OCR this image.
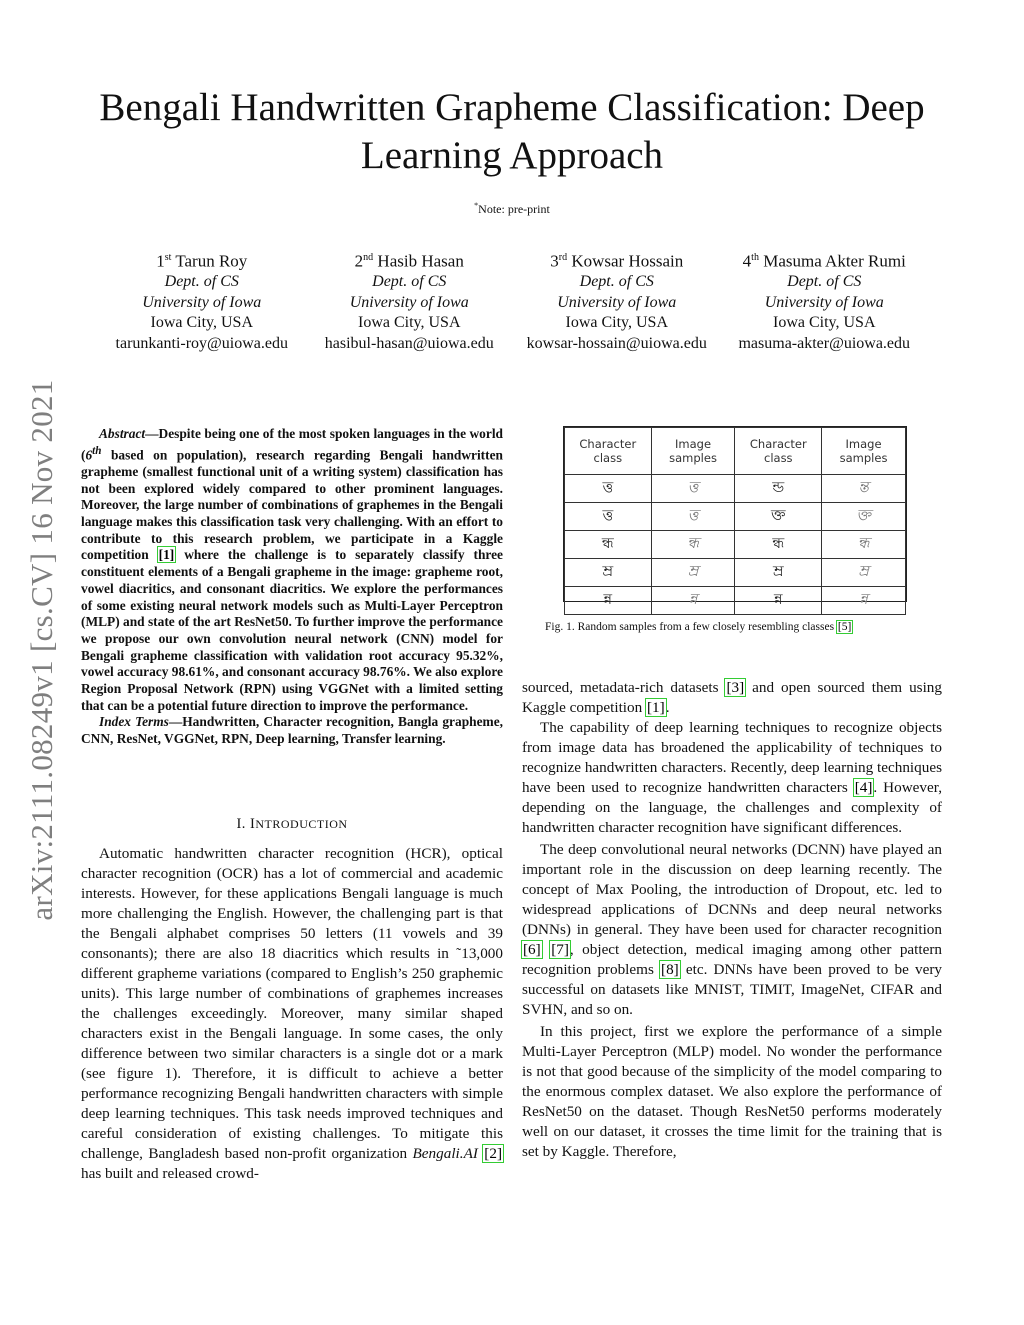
arXiv:2111.08249v1 [cs.CV] 16 Nov 2021
Bengali Handwritten Grapheme Classification: Deep
Learning Approach
*Note: pre-print
1st Tarun Roy
Dept. of CS
University of Iowa
Iowa City, USA
tarunkanti-roy@uiowa.edu
2nd Hasib Hasan
Dept. of CS
University of Iowa
Iowa City, USA
hasibul-hasan@uiowa.edu
3rd Kowsar Hossain
Dept. of CS
University of Iowa
Iowa City, USA
kowsar-hossain@uiowa.edu
4th Masuma Akter Rumi
Dept. of CS
University of Iowa
Iowa City, USA
masuma-akter@uiowa.edu

Abstract—Despite being one of the most spoken languages in the world (6th based on population), research regarding Bengali handwritten grapheme (smallest functional unit of a writing system) classification has not been explored widely compared to other prominent languages. Moreover, the large number of combinations of graphemes in the Bengali language makes this classification task very challenging. With an effort to contribute to this research problem, we participate in a Kaggle competition [1] where the challenge is to separately classify three constituent elements of a Bengali grapheme in the image: grapheme root, vowel diacritics, and consonant diacritics. We explore the performances of some existing neural network models such as Multi-Layer Perceptron (MLP) and state of the art ResNet50. To further improve the performance we propose our own convolution neural network (CNN) model for Bengali grapheme classification with validation root accuracy 95.32%, vowel accuracy 98.61%, and consonant accuracy 98.76%. We also explore Region Proposal Network (RPN) using VGGNet with a limited setting that can be a potential future direction to improve the performance.

Index Terms—Handwritten, Character recognition, Bangla grapheme, CNN, ResNet, VGGNet, RPN, Deep learning, Transfer learning.

I. INTRODUCTION

Automatic handwritten character recognition (HCR), optical character recognition (OCR) has a lot of commercial and academic interests. However, for these applications Bengali language is much more challenging the English. However, the challenging part is that the Bengali alphabet comprises 50 letters (11 vowels and 39 consonants); there are also 18 diacritics which results in ˜13,000 different grapheme variations (compared to English’s 250 graphemic units). This large number of combinations of graphemes increases the challenges exceedingly. Moreover, many similar shaped characters exist in the Bengali language. In some cases, the only difference between two similar characters is a single dot or a mark (see figure 1). Therefore, it is difficult to achieve a better performance recognizing Bengali handwritten characters with simple deep learning techniques. This task needs improved techniques and careful consideration of existing challenges. To mitigate this challenge, Bangladesh based non-profit organization Bengali.AI [2] has built and released crowd-

Character class	Image samples	Character class	Image samples
ত্ত	ত্ত	ন্ড	ন্ত
ত্ত	ত্ত	ক্ত	ক্ত
ন্ধ	ন্ধ	ন্ধ	ন্ধ
ম্র	ম্র	ম্র	ম্র
ন্ন	ন্ন	ন্ন	ন্ন
Fig. 1. Random samples from a few closely resembling classes [5]

sourced, metadata-rich datasets [3] and open sourced them using Kaggle competition [1].

The capability of deep learning techniques to recognize objects from image data has broadened the applicability of techniques to recognize handwritten characters. Recently, deep learning techniques have been used to recognize handwritten characters [4]. However, depending on the language, the challenges and complexity of handwritten character recognition have significant differences.

The deep convolutional neural networks (DCNN) have played an important role in the discussion on deep learning recently. The concept of Max Pooling, the introduction of Dropout, etc. led to widespread applications of DCNNs and deep neural networks (DNNs) in general. They have been used for character recognition [6] [7], object detection, medical imaging among other pattern recognition problems [8] etc. DNNs have been proved to be very successful on datasets like MNIST, TIMIT, ImageNet, CIFAR and SVHN, and so on.

In this project, first we explore the performance of a simple Multi-Layer Perceptron (MLP) model. No wonder the performance is not that good because of the simplicity of the model comparing to the enormous complex dataset. We also explore the performance of ResNet50 on the dataset. Though ResNet50 performs moderately well on our dataset, it crosses the time limit for the training that is set by Kaggle. Therefore,
